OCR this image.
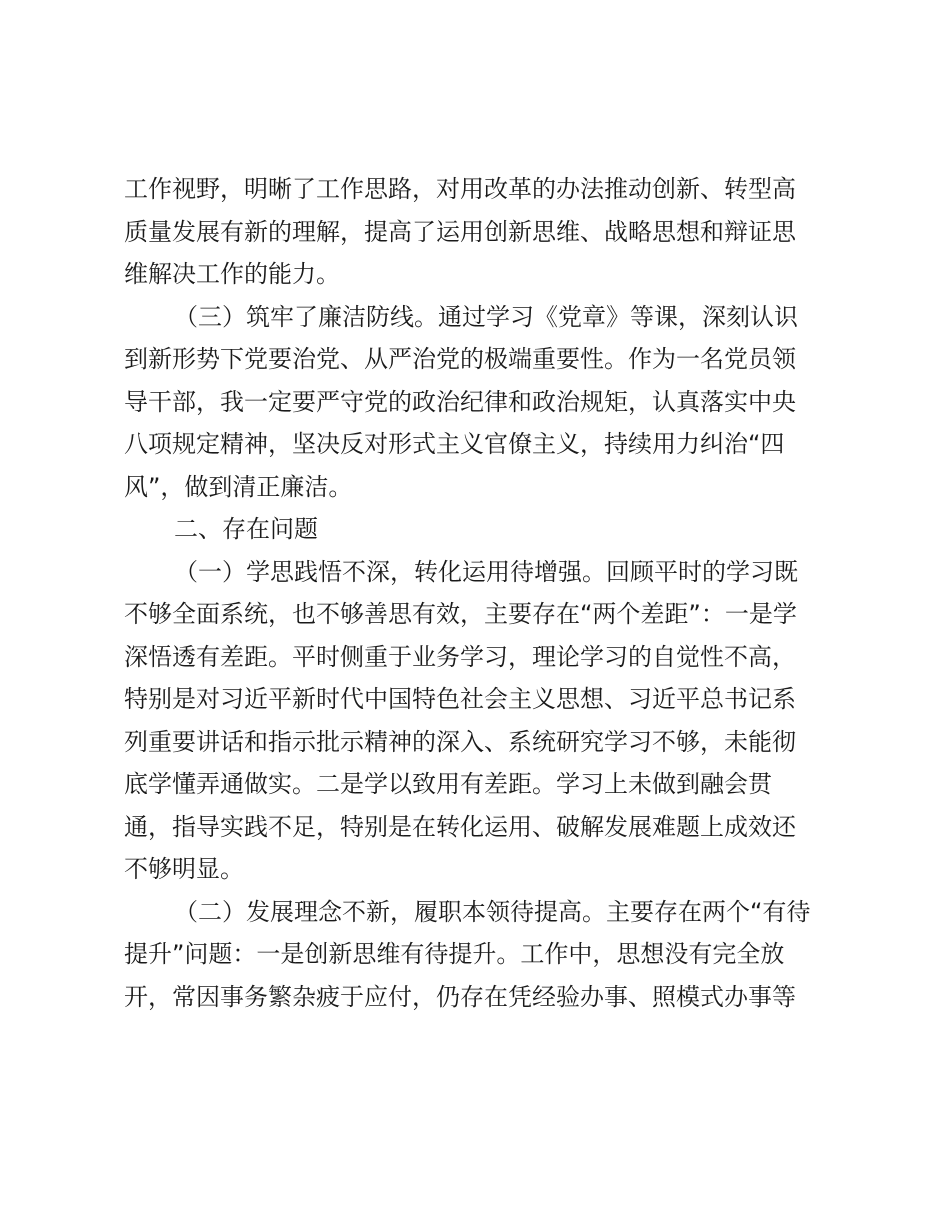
工作视野，明晰了工作思路，对用改革的办法推动创新、转型高
质量发展有新的理解，提高了运用创新思维、战略思想和辩证思
维解决工作的能力。
（三）筑牢了廉洁防线。通过学习《党章》等课，深刻认识
到新形势下党要治党、从严治党的极端重要性。作为一名党员领
导干部，我一定要严守党的政治纪律和政治规矩，认真落实中央
八项规定精神，坚决反对形式主义官僚主义，持续用力纠治“四
风”，做到清正廉洁。
二、存在问题
（一）学思践悟不深，转化运用待增强。回顾平时的学习既
不够全面系统，也不够善思有效，主要存在“两个差距”：一是学
深悟透有差距。平时侧重于业务学习，理论学习的自觉性不高，
特别是对习近平新时代中国特色社会主义思想、习近平总书记系
列重要讲话和指示批示精神的深入、系统研究学习不够，未能彻
底学懂弄通做实。二是学以致用有差距。学习上未做到融会贯
通，指导实践不足，特别是在转化运用、破解发展难题上成效还
不够明显。
（二）发展理念不新，履职本领待提高。主要存在两个“有待
提升”问题：一是创新思维有待提升。工作中，思想没有完全放
开，常因事务繁杂疲于应付，仍存在凭经验办事、照模式办事等
